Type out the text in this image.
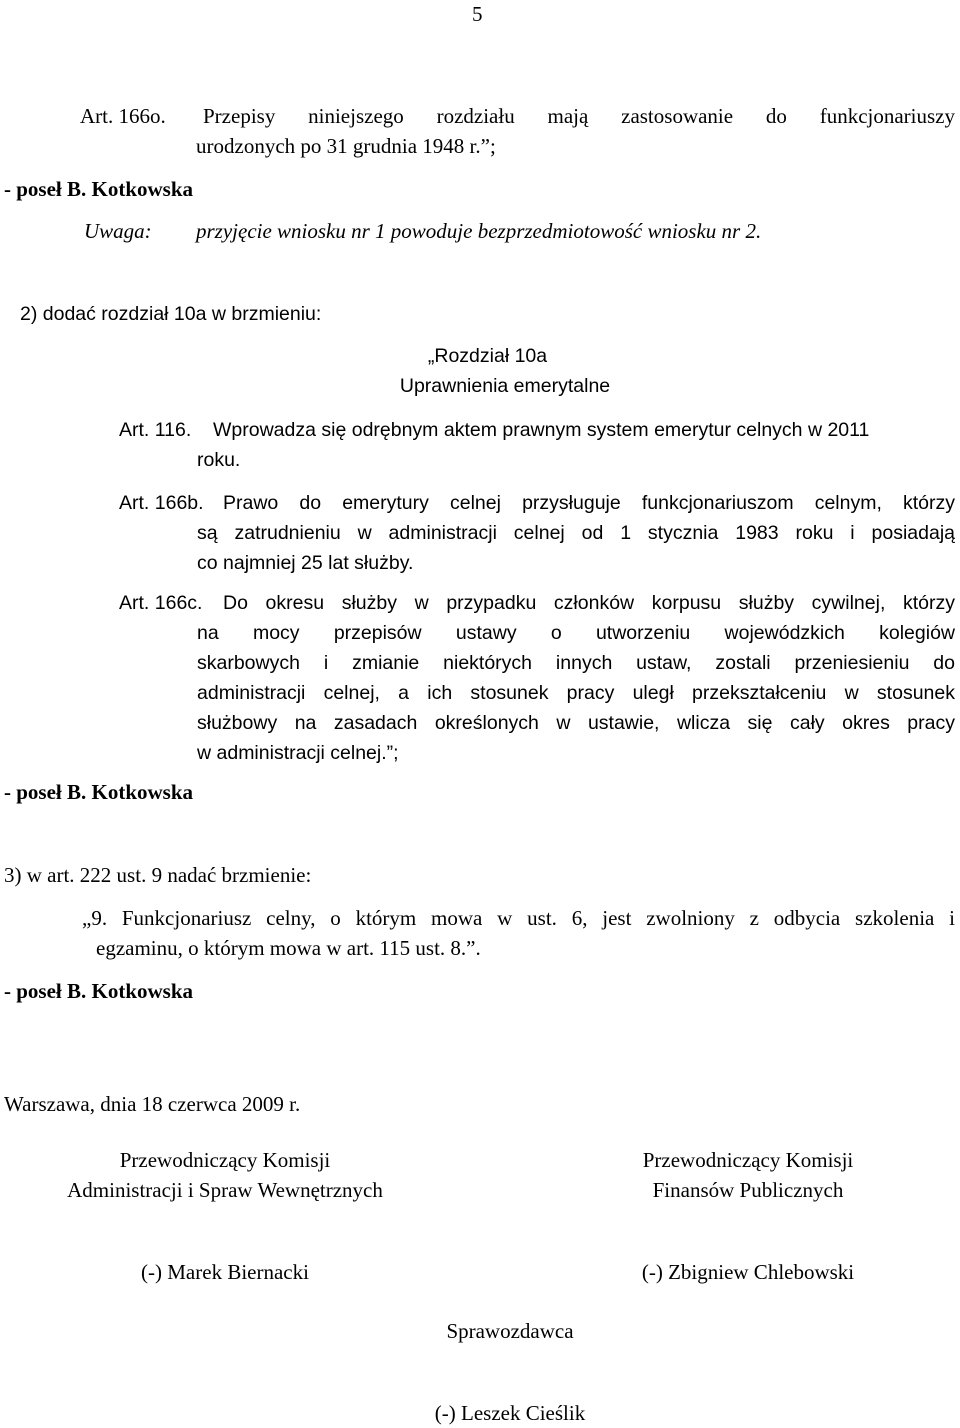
5
Art. 166o. Przepisy niniejszego rozdziału mają zastosowanie do funkcjonariuszy
urodzonych po 31 grudnia 1948 r.”;
- poseł B. Kotkowska
Uwaga: przyjęcie wniosku nr 1 powoduje bezprzedmiotowość wniosku nr 2.
2) dodać rozdział 10a w brzmieniu:
„Rozdział 10a
Uprawnienia emerytalne
Art. 116. Wprowadza się odrębnym aktem prawnym system emerytur celnych w 2011
roku.
Art. 166b. Prawo do emerytury celnej przysługuje funkcjonariuszom celnym, którzy
są zatrudnieniu w administracji celnej od 1 stycznia 1983 roku i posiadają
co najmniej 25 lat służby.
Art. 166c. Do okresu służby w przypadku członków korpusu służby cywilnej, którzy
na mocy przepisów ustawy o utworzeniu wojewódzkich kolegiów
skarbowych i zmianie niektórych innych ustaw, zostali przeniesieniu do
administracji celnej, a ich stosunek pracy uległ przekształceniu w stosunek
służbowy na zasadach określonych w ustawie, wlicza się cały okres pracy
w administracji celnej.”;
- poseł B. Kotkowska
3) w art. 222 ust. 9 nadać brzmienie:
„9. Funkcjonariusz celny, o którym mowa w ust. 6, jest zwolniony z odbycia szkolenia i
egzaminu, o którym mowa w art. 115 ust. 8.”.
- poseł B. Kotkowska
Warszawa, dnia 18 czerwca 2009 r.
Przewodniczący Komisji
Administracji i Spraw Wewnętrznych
Przewodniczący Komisji
Finansów Publicznych
(-) Marek Biernacki	(-) Zbigniew Chlebowski
Sprawozdawca
(-) Leszek Cieślik
